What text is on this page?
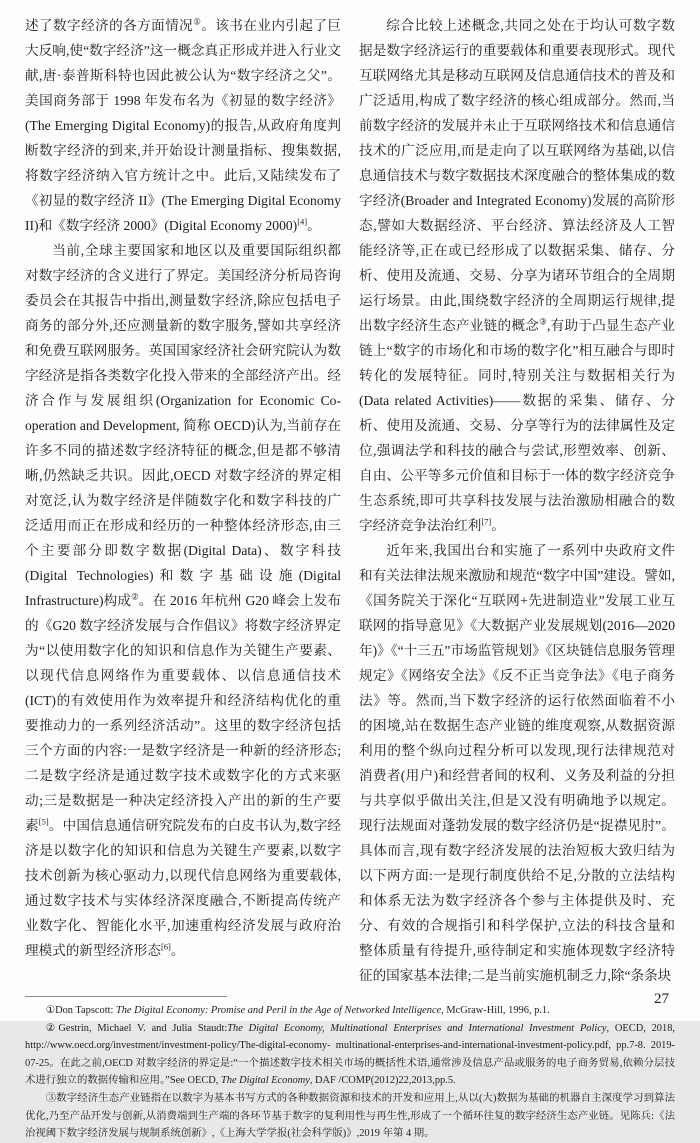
述了数字经济的各方面情况①。该书在业内引起了巨大反响,使“数字经济”这一概念真正形成并进入行业文献,唐·泰普斯科特也因此被公认为“数字经济之父”。美国商务部于 1998 年发布名为《初显的数字经济》(The Emerging Digital Economy)的报告,从政府角度判断数字经济的到来,并开始设计测量指标、搜集数据,将数字经济纳入官方统计之中。此后,又陆续发布了《初显的数字经济 II》(The Emerging Digital Economy II)和《数字经济 2000》(Digital Economy 2000)[4]。

当前,全球主要国家和地区以及重要国际组织都对数字经济的含义进行了界定。美国经济分析局咨询委员会在其报告中指出,测量数字经济,除应包括电子商务的部分外,还应测量新的数字服务,譬如共享经济和免费互联网服务。英国国家经济社会研究院认为数字经济是指各类数字化投入带来的全部经济产出。经济合作与发展组织(Organization for Economic Co-operation and Development, 简称 OECD)认为,当前存在许多不同的描述数字经济特征的概念,但是都不够清晰,仍然缺乏共识。因此,OECD 对数字经济的界定相对宽泛,认为数字经济是伴随数字化和数字科技的广泛适用而正在形成和经历的一种整体经济形态,由三个主要部分即数字数据(Digital Data)、数字科技(Digital Technologies)和数字基础设施(Digital Infrastructure)构成②。在 2016 年杭州 G20 峰会上发布的《G20 数字经济发展与合作倡议》将数字经济界定为“以使用数字化的知识和信息作为关键生产要素、以现代信息网络作为重要载体、以信息通信技术(ICT)的有效使用作为效率提升和经济结构优化的重要推动力的一系列经济活动”。这里的数字经济包括三个方面的内容:一是数字经济是一种新的经济形态;二是数字经济是通过数字技术或数字化的方式来驱动;三是数据是一种决定经济投入产出的新的生产要素[5]。中国信息通信研究院发布的白皮书认为,数字经济是以数字化的知识和信息为关键生产要素,以数字技术创新为核心驱动力,以现代信息网络为重要载体,通过数字技术与实体经济深度融合,不断提高传统产业数字化、智能化水平,加速重构经济发展与政府治理模式的新型经济形态[6]。

综合比较上述概念,共同之处在于均认可数字数据是数字经济运行的重要载体和重要表现形式。现代互联网络尤其是移动互联网及信息通信技术的普及和广泛适用,构成了数字经济的核心组成部分。然而,当前数字经济的发展并未止于互联网络技术和信息通信技术的广泛应用,而是走向了以互联网络为基础,以信息通信技术与数字数据技术深度融合的整体集成的数字经济(Broader and Integrated Economy)发展的高阶形态,譬如大数据经济、平台经济、算法经济及人工智能经济等,正在或已经形成了以数据采集、储存、分析、使用及流通、交易、分享为诸环节组合的全周期运行场景。由此,围绕数字经济的全周期运行规律,提出数字经济生态产业链的概念③,有助于凸显生态产业链上“数字的市场化和市场的数字化”相互融合与即时转化的发展特征。同时,特别关注与数据相关行为(Data related Activities)——数据的采集、储存、分析、使用及流通、交易、分享等行为的法律属性及定位,强调法学和科技的融合与尝试,形塑效率、创新、自由、公平等多元价值和目标于一体的数字经济竞争生态系统,即可共享科技发展与法治激励相融合的数字经济竞争法治红利[7]。

近年来,我国出台和实施了一系列中央政府文件和有关法律法规来激励和规范“数字中国”建设。譬如,《国务院关于深化“互联网+先进制造业”发展工业互联网的指导意见》《大数据产业发展规划(2016—2020 年)》《“十三五”市场监管规划》《区块链信息服务管理规定》《网络安全法》《反不正当竞争法》《电子商务法》等。然而,当下数字经济的运行依然面临着不小的困境,站在数据生态产业链的维度观察,从数据资源利用的整个纵向过程分析可以发现,现行法律规范对消费者(用户)和经营者间的权利、义务及利益的分担与共享似乎做出关注,但是又没有明确地予以规定。现行法规面对蓬勃发展的数字经济仍是“捉襟见肘”。具体而言,现有数字经济发展的法治短板大致归结为以下两方面:一是现行制度供给不足,分散的立法结构和体系无法为数字经济各个参与主体提供及时、充分、有效的合规指引和科学保护,立法的科技含量和整体质量有待提升,亟待制定和实施体现数字经济特征的国家基本法律;二是当前实施机制乏力,除“条条块

①Don Tapscott: The Digital Economy: Promise and Peril in the Age of Networked Intelligence, McGraw-Hill, 1996, p.1.

②Gestrin, Michael V. and Julia Staudt:The Digital Economy, Multinational Enterprises and International Investment Policy, OECD, 2018, http://www.oecd.org/investment/investment-policy/The-digital-economy- multinational-enterprises-and-international-investment-policy.pdf, pp.7-8. 2019-07-25。在此之前,OECD 对数字经济的界定是:“一个描述数字技术相关市场的概括性术语,通常涉及信息产品或服务的电子商务贸易,依赖分层技术进行独立的数据传输和应用。”See OECD, The Digital Economy, DAF /COMP(2012)22,2013,pp.5.

③数字经济生态产业链指在以数字为基本书写方式的各种数据资源和技术的开发和应用上,从以(大)数据为基础的机器自主深度学习到算法优化,乃至产品开发与创新,从消费端到生产端的各环节基于数字的复利用性与再生性,形成了一个循环往复的数字经济生态产业链。见陈兵:《法治视阈下数字经济发展与规制系统创新》,《上海大学学报(社会科学版)》,2019 年第 4 期。

27
